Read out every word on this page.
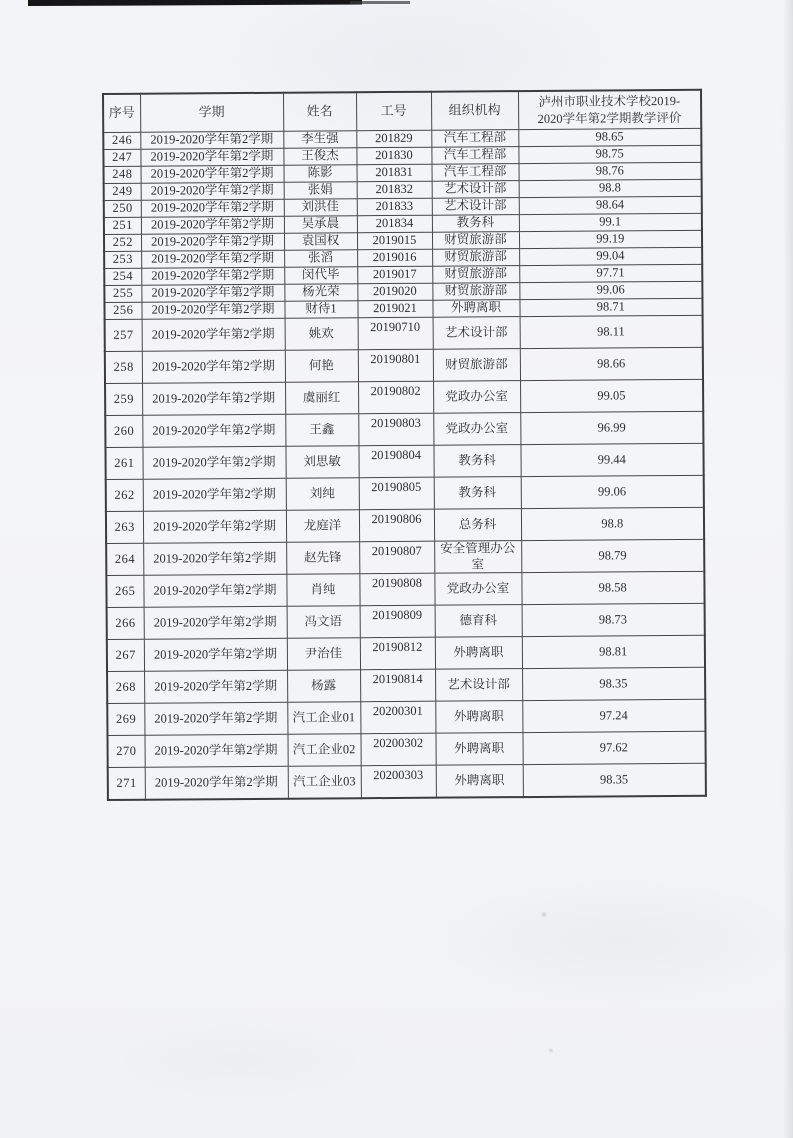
序号	学期	姓名	工号	组织机构	泸州市职业技术学校2019-
2020学年第2学期教学评价
246	2019-2020学年第2学期	李生强	201829	汽车工程部	98.65
247	2019-2020学年第2学期	王俊杰	201830	汽车工程部	98.75
248	2019-2020学年第2学期	陈影	201831	汽车工程部	98.76
249	2019-2020学年第2学期	张娟	201832	艺术设计部	98.8
250	2019-2020学年第2学期	刘洪佳	201833	艺术设计部	98.64
251	2019-2020学年第2学期	吴承晨	201834	教务科	99.1
252	2019-2020学年第2学期	袁国权	2019015	财贸旅游部	99.19
253	2019-2020学年第2学期	张滔	2019016	财贸旅游部	99.04
254	2019-2020学年第2学期	闵代毕	2019017	财贸旅游部	97.71
255	2019-2020学年第2学期	杨光荣	2019020	财贸旅游部	99.06
256	2019-2020学年第2学期	财待1	2019021	外聘离职	98.71
257	2019-2020学年第2学期	姚欢	20190710	艺术设计部	98.11
258	2019-2020学年第2学期	何艳	20190801	财贸旅游部	98.66
259	2019-2020学年第2学期	虞丽红	20190802	党政办公室	99.05
260	2019-2020学年第2学期	王鑫	20190803	党政办公室	96.99
261	2019-2020学年第2学期	刘思敏	20190804	教务科	99.44
262	2019-2020学年第2学期	刘纯	20190805	教务科	99.06
263	2019-2020学年第2学期	龙庭洋	20190806	总务科	98.8
264	2019-2020学年第2学期	赵先锋	20190807	安全管理办公室	98.79
265	2019-2020学年第2学期	肖纯	20190808	党政办公室	98.58
266	2019-2020学年第2学期	冯文语	20190809	德育科	98.73
267	2019-2020学年第2学期	尹治佳	20190812	外聘离职	98.81
268	2019-2020学年第2学期	杨露	20190814	艺术设计部	98.35
269	2019-2020学年第2学期	汽工企业01	20200301	外聘离职	97.24
270	2019-2020学年第2学期	汽工企业02	20200302	外聘离职	97.62
271	2019-2020学年第2学期	汽工企业03	20200303	外聘离职	98.35
